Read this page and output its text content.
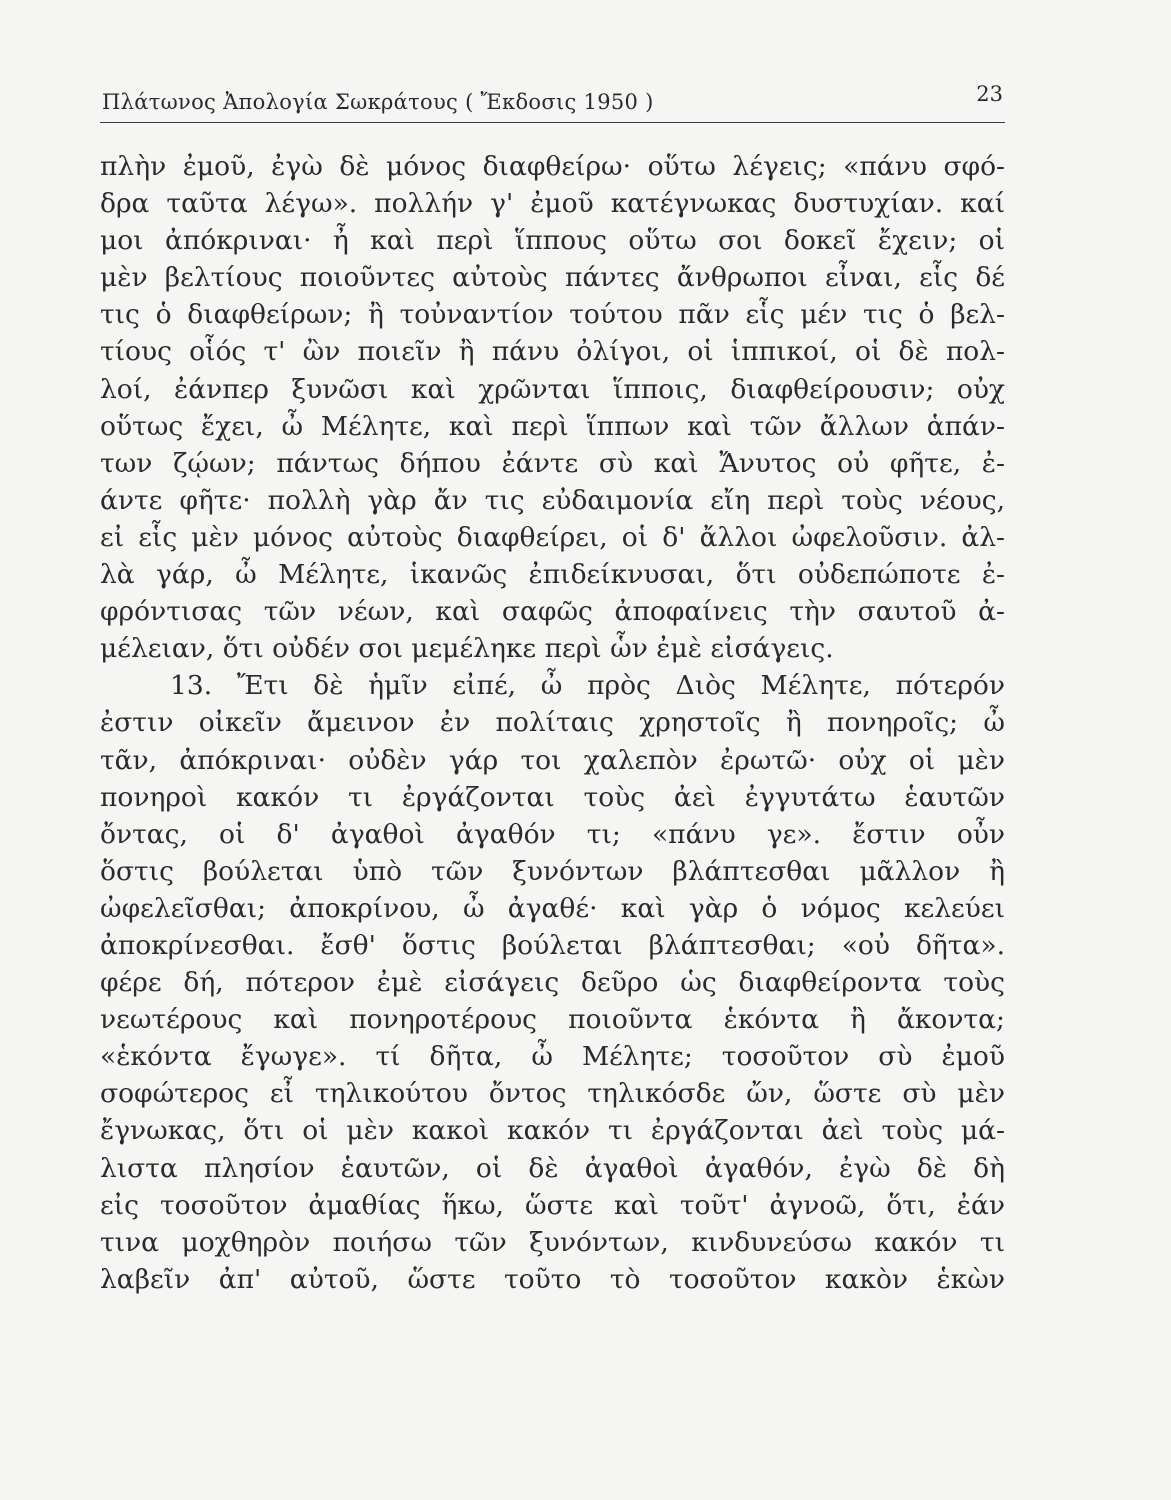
Πλάτωνος Ἀπολογία Σωκράτους ( Ἔκδοσις 1950 )	23
πλὴν ἐμοῦ, ἐγὼ δὲ μόνος διαφθείρω· οὕτω λέγεις; «πάνυ σφό-
δρα ταῦτα λέγω». πολλήν γ' ἐμοῦ κατέγνωκας δυστυχίαν. καί
μοι ἀπόκριναι· ἦ καὶ περὶ ἵππους οὕτω σοι δοκεῖ ἔχειν; οἱ
μὲν βελτίους ποιοῦντες αὐτοὺς πάντες ἄνθρωποι εἶναι, εἷς δέ
τις ὁ διαφθείρων; ἢ τοὐναντίον τούτου πᾶν εἷς μέν τις ὁ βελ-
τίους οἷός τ' ὢν ποιεῖν ἢ πάνυ ὀλίγοι, οἱ ἱππικοί, οἱ δὲ πολ-
λοί, ἐάνπερ ξυνῶσι καὶ χρῶνται ἵπποις, διαφθείρουσιν; οὐχ
οὕτως ἔχει, ὦ Μέλητε, καὶ περὶ ἵππων καὶ τῶν ἄλλων ἁπάν-
των ζῴων; πάντως δήπου ἐάντε σὺ καὶ Ἄνυτος οὐ φῆτε, ἐ-
άντε φῆτε· πολλὴ γὰρ ἄν τις εὐδαιμονία εἴη περὶ τοὺς νέους,
εἰ εἷς μὲν μόνος αὐτοὺς διαφθείρει, οἱ δ' ἄλλοι ὠφελοῦσιν. ἀλ-
λὰ γάρ, ὦ Μέλητε, ἱκανῶς ἐπιδείκνυσαι, ὅτι οὐδεπώποτε ἐ-
φρόντισας τῶν νέων, καὶ σαφῶς ἀποφαίνεις τὴν σαυτοῦ ἀ-
μέλειαν, ὅτι οὐδέν σοι μεμέληκε περὶ ὧν ἐμὲ εἰσάγεις.
13. Ἔτι δὲ ἡμῖν εἰπέ, ὦ πρὸς Διὸς Μέλητε, πότερόν
ἐστιν οἰκεῖν ἄμεινον ἐν πολίταις χρηστοῖς ἢ πονηροῖς; ὦ
τᾶν, ἀπόκριναι· οὐδὲν γάρ τοι χαλεπὸν ἐρωτῶ· οὐχ οἱ μὲν
πονηροὶ κακόν τι ἐργάζονται τοὺς ἀεὶ ἐγγυτάτω ἑαυτῶν
ὄντας, οἱ δ' ἀγαθοὶ ἀγαθόν τι; «πάνυ γε». ἔστιν οὖν
ὅστις βούλεται ὑπὸ τῶν ξυνόντων βλάπτεσθαι μᾶλλον ἢ
ὠφελεῖσθαι; ἀποκρίνου, ὦ ἀγαθέ· καὶ γὰρ ὁ νόμος κελεύει
ἀποκρίνεσθαι. ἔσθ' ὅστις βούλεται βλάπτεσθαι; «οὐ δῆτα».
φέρε δή, πότερον ἐμὲ εἰσάγεις δεῦρο ὡς διαφθείροντα τοὺς
νεωτέρους καὶ πονηροτέρους ποιοῦντα ἑκόντα ἢ ἄκοντα;
«ἑκόντα ἔγωγε». τί δῆτα, ὦ Μέλητε; τοσοῦτον σὺ ἐμοῦ
σοφώτερος εἶ τηλικούτου ὄντος τηλικόσδε ὤν, ὥστε σὺ μὲν
ἔγνωκας, ὅτι οἱ μὲν κακοὶ κακόν τι ἐργάζονται ἀεὶ τοὺς μά-
λιστα πλησίον ἑαυτῶν, οἱ δὲ ἀγαθοὶ ἀγαθόν, ἐγὼ δὲ δὴ
εἰς τοσοῦτον ἀμαθίας ἥκω, ὥστε καὶ τοῦτ' ἀγνοῶ, ὅτι, ἐάν
τινα μοχθηρὸν ποιήσω τῶν ξυνόντων, κινδυνεύσω κακόν τι
λαβεῖν ἀπ' αὐτοῦ, ὥστε τοῦτο τὸ τοσοῦτον κακὸν ἑκὼν
